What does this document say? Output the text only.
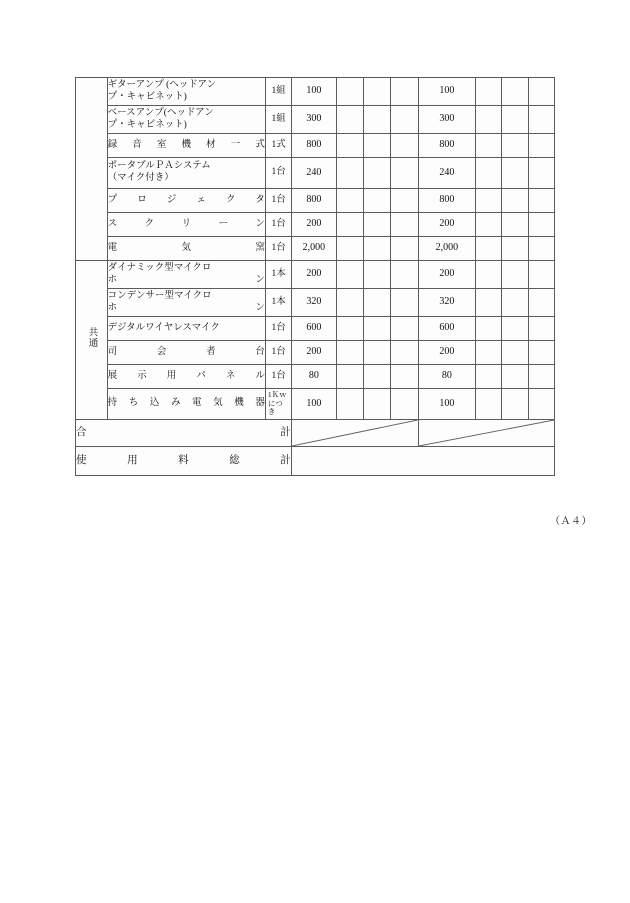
	ギターアンプ (ヘッドアン
プ・キャビネット)	1組	100				100			

	ベースアンプ(ヘッドアン
プ・キャビネット)	1組	300				300			

	録音室機材一式	1式	800				800			

	ポータブルＰＡシステム
（マイク付き）	1台	240				240			

	プロジェクタ	1台	800				800			

	スクリーン	1台	200				200			

	電気窯	1台	2,000				2,000			
共通	ダイナミック型マイクロ
ホン	1本	200				200			

	コンデンサー型マイクロ
ホン	1本	320				320			

	デジタルワイヤレスマイク	1台	600				600			

	司会者台	1台	200				200			

	展示用パネル	1台	80				80			

	持ち込み電気機器	1Ｋｗ
につ
き	100				100			
合計	

使用料総計										
（Ａ４）
